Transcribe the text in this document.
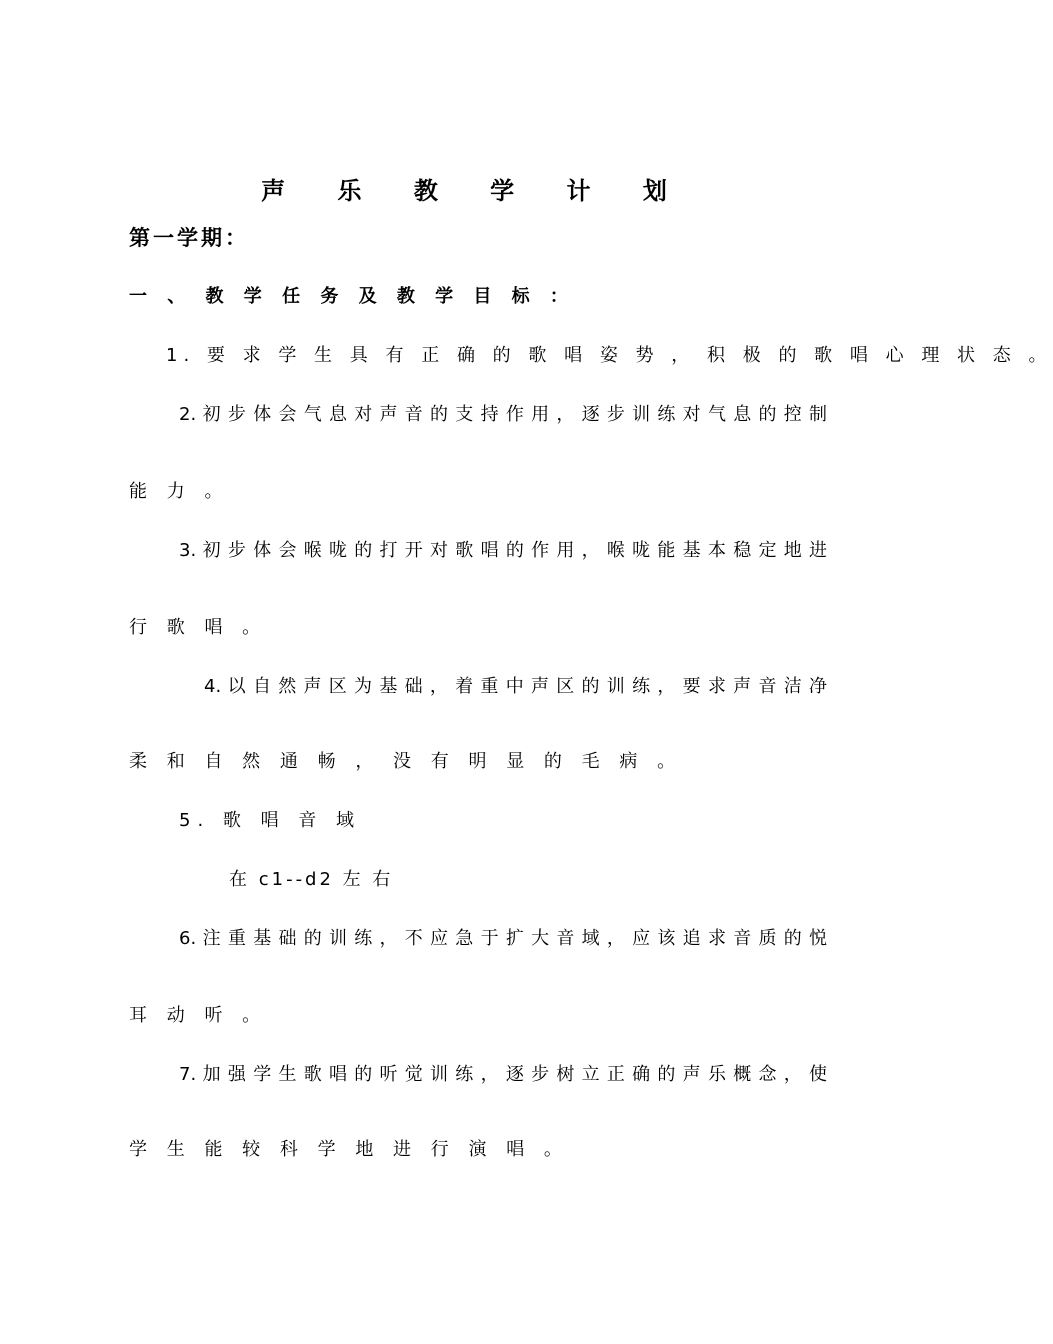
声 乐 教 学 计 划
第一学期：
一 、 教 学 任 务 及 教 学 目 标 ：
1. 要 求 学 生 具 有 正 确 的 歌 唱 姿 势 ， 积 极 的 歌 唱 心 理 状 态 。
2. 初 步 体 会 气 息 对 声 音 的 支 持 作 用 ， 逐 步 训 练 对 气 息 的 控 制
能 力 。
3. 初 步 体 会 喉 咙 的 打 开 对 歌 唱 的 作 用 ， 喉 咙 能 基 本 稳 定 地 进
行 歌 唱 。
4. 以 自 然 声 区 为 基 础 ， 着 重 中 声 区 的 训 练 ， 要 求 声 音 洁 净
柔 和 自 然 通 畅 ， 没 有 明 显 的 毛 病 。
5. 歌 唱 音 域
在 c1--d2 左 右
6. 注 重 基 础 的 训 练 ， 不 应 急 于 扩 大 音 域 ， 应 该 追 求 音 质 的 悦
耳 动 听 。
7. 加 强 学 生 歌 唱 的 听 觉 训 练 ， 逐 步 树 立 正 确 的 声 乐 概 念 ， 使
学 生 能 较 科 学 地 进 行 演 唱 。
